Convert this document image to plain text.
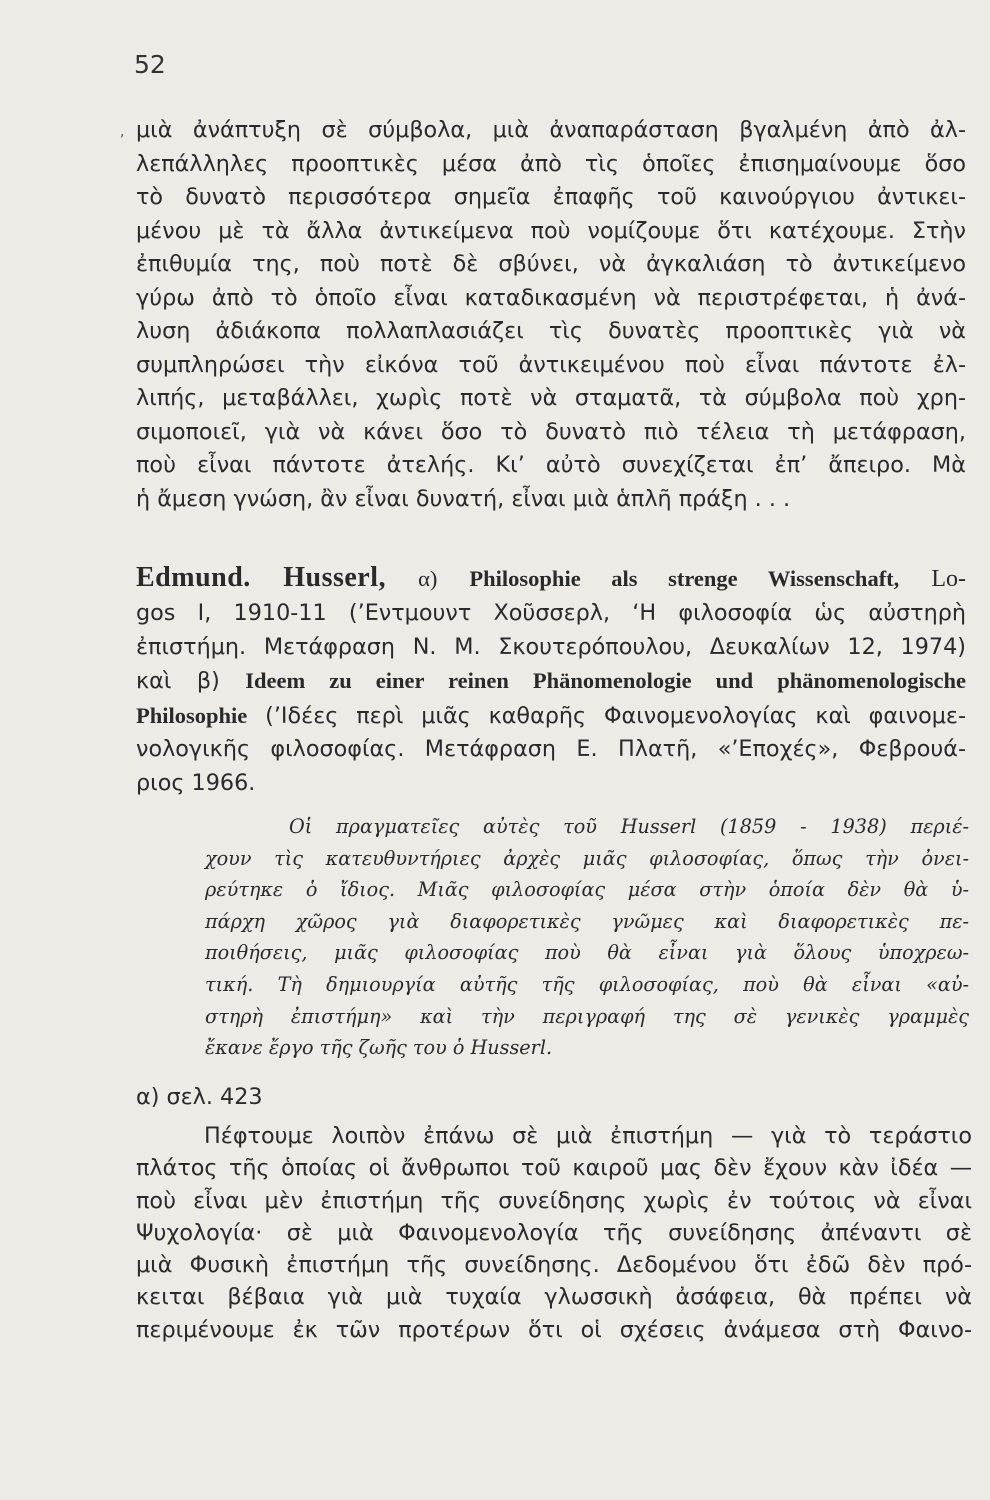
52
, μιὰ ἀνάπτυξη σὲ σύμβολα, μιὰ ἀναπαράσταση βγαλμένη ἀπὸ ἀλ-
λεπάλληλες προοπτικὲς μέσα ἀπὸ τὶς ὁποῖες ἐπισημαίνουμε ὅσο
τὸ δυνατὸ περισσότερα σημεῖα ἐπαφῆς τοῦ καινούργιου ἀντικει-
μένου μὲ τὰ ἄλλα ἀντικείμενα ποὺ νομίζουμε ὅτι κατέχουμε. Στὴν
ἐπιθυμία της, ποὺ ποτὲ δὲ σβύνει, νὰ ἀγκαλιάση τὸ ἀντικείμενο
γύρω ἀπὸ τὸ ὁποῖο εἶναι καταδικασμένη νὰ περιστρέφεται, ἡ ἀνά-
λυση ἀδιάκοπα πολλαπλασιάζει τὶς δυνατὲς προοπτικὲς γιὰ νὰ
συμπληρώσει τὴν εἰκόνα τοῦ ἀντικειμένου ποὺ εἶναι πάντοτε ἐλ-
λιπής, μεταβάλλει, χωρὶς ποτὲ νὰ σταματᾶ, τὰ σύμβολα ποὺ χρη-
σιμοποιεῖ, γιὰ νὰ κάνει ὅσο τὸ δυνατὸ πιὸ τέλεια τὴ μετάφραση,
ποὺ εἶναι πάντοτε ἀτελής. Κι’ αὐτὸ συνεχίζεται ἐπ’ ἄπειρο. Μὰ
ἡ ἄμεση γνώση, ἂν εἶναι δυνατή, εἶναι μιὰ ἁπλῆ πράξη . . .
Edmund. Husserl, α) Philosophie als strenge Wissenschaft, Lo-
gos I, 1910-11 (’Εντμουντ Χοῦσσερλ, ‘Η φιλοσοφία ὡς αὐστηρὴ
ἐπιστήμη. Μετάφραση Ν. Μ. Σκουτερόπουλου, Δευκαλίων 12, 1974)
καὶ β) Ideem zu einer reinen Phänomenologie und phänomenologische
Philosophie (’Ιδέες περὶ μιᾶς καθαρῆς Φαινομενολογίας καὶ φαινομε-
νολογικῆς φιλοσοφίας. Μετάφραση Ε. Πλατῆ, «’Εποχές», Φεβρουά-
ριος 1966.
Οἱ πραγματεῖες αὐτὲς τοῦ Husserl (1859 - 1938) περιέ-
χουν τὶς κατευθυντήριες ἀρχὲς μιᾶς φιλοσοφίας, ὅπως τὴν ὀνει-
ρεύτηκε ὁ ἴδιος. Μιᾶς φιλοσοφίας μέσα στὴν ὁποία δὲν θὰ ὑ-
πάρχη χῶρος γιὰ διαφορετικὲς γνῶμες καὶ διαφορετικὲς πε-
ποιθήσεις, μιᾶς φιλοσοφίας ποὺ θὰ εἶναι γιὰ ὅλους ὑποχρεω-
τική. Τὴ δημιουργία αὐτῆς τῆς φιλοσοφίας, ποὺ θὰ εἶναι «αὐ-
στηρὴ ἐπιστήμη» καὶ τὴν περιγραφή της σὲ γενικὲς γραμμὲς
ἔκανε ἔργο τῆς ζωῆς του ὁ Husserl.
α) σελ. 423
Πέφτουμε λοιπὸν ἐπάνω σὲ μιὰ ἐπιστήμη — γιὰ τὸ τεράστιο
πλάτος τῆς ὁποίας οἱ ἄνθρωποι τοῦ καιροῦ μας δὲν ἔχουν κὰν ἰδέα —
ποὺ εἶναι μὲν ἐπιστήμη τῆς συνείδησης χωρὶς ἐν τούτοις νὰ εἶναι
Ψυχολογία· σὲ μιὰ Φαινομενολογία τῆς συνείδησης ἀπέναντι σὲ
μιὰ Φυσικὴ ἐπιστήμη τῆς συνείδησης. Δεδομένου ὅτι ἐδῶ δὲν πρό-
κειται βέβαια γιὰ μιὰ τυχαία γλωσσικὴ ἀσάφεια, θὰ πρέπει νὰ
περιμένουμε ἐκ τῶν προτέρων ὅτι οἱ σχέσεις ἀνάμεσα στὴ Φαινο-
